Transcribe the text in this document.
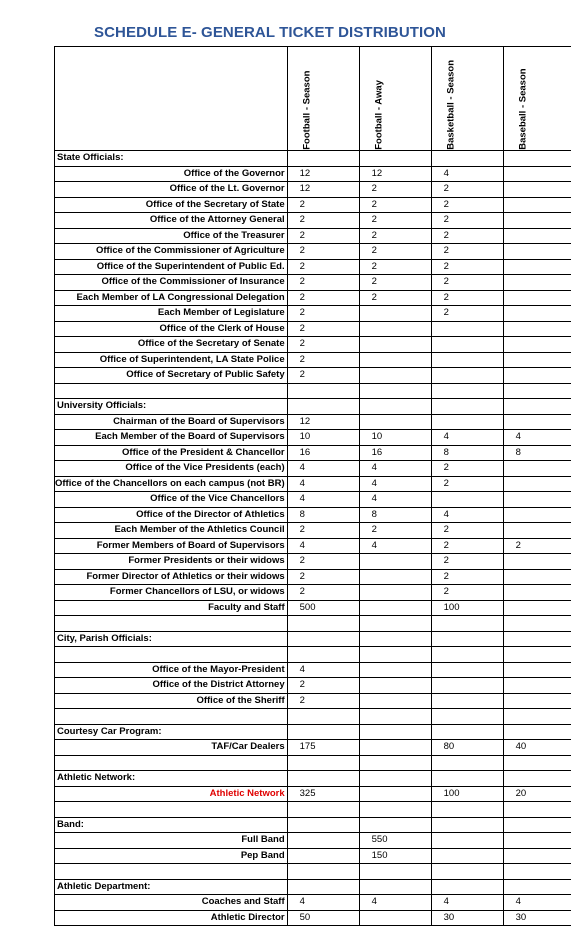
SCHEDULE E- GENERAL TICKET DISTRIBUTION

	Football - Season	Football - Away	Basketball - Season	Baseball - Season

State Officials:				
Office of the Governor	12	12	4	
Office of the Lt. Governor	12	2	2	
Office of the Secretary of State	2	2	2	
Office of the Attorney General	2	2	2	
Office of the Treasurer	2	2	2	
Office of the Commissioner of Agriculture	2	2	2	
Office of the Superintendent of Public Ed.	2	2	2	
Office of the Commissioner of Insurance	2	2	2	
Each Member of LA Congressional Delegation	2	2	2	
Each Member of Legislature	2		2	
Office of the Clerk of House	2			
Office of the Secretary of Senate	2			
Office of Superintendent, LA State Police	2			
Office of Secretary of Public Safety	2			

University Officials:				
Chairman of the Board of Supervisors	12			
Each Member of the Board of Supervisors	10	10	4	4
Office of the President & Chancellor	16	16	8	8
Office of the Vice Presidents (each)	4	4	2	
Office of the Chancellors on each campus (not BR)	4	4	2	
Office of the Vice Chancellors	4	4		
Office of the Director of Athletics	8	8	4	
Each Member of the Athletics Council	2	2	2	
Former Members of Board of Supervisors	4	4	2	2
Former Presidents or their widows	2		2	
Former Director of Athletics or their widows	2		2	
Former Chancellors of LSU, or widows	2		2	
Faculty and Staff	500		100	

City, Parish Officials:				

Office of the Mayor-President	4			
Office of the District Attorney	2			
Office of the Sheriff	2			

Courtesy Car Program:				
TAF/Car Dealers	175		80	40

Athletic Network:				
Athletic Network	325		100	20

Band:				
Full Band		550		
Pep Band		150		

Athletic Department:				
Coaches and Staff	4	4	4	4
Athletic Director	50		30	30
